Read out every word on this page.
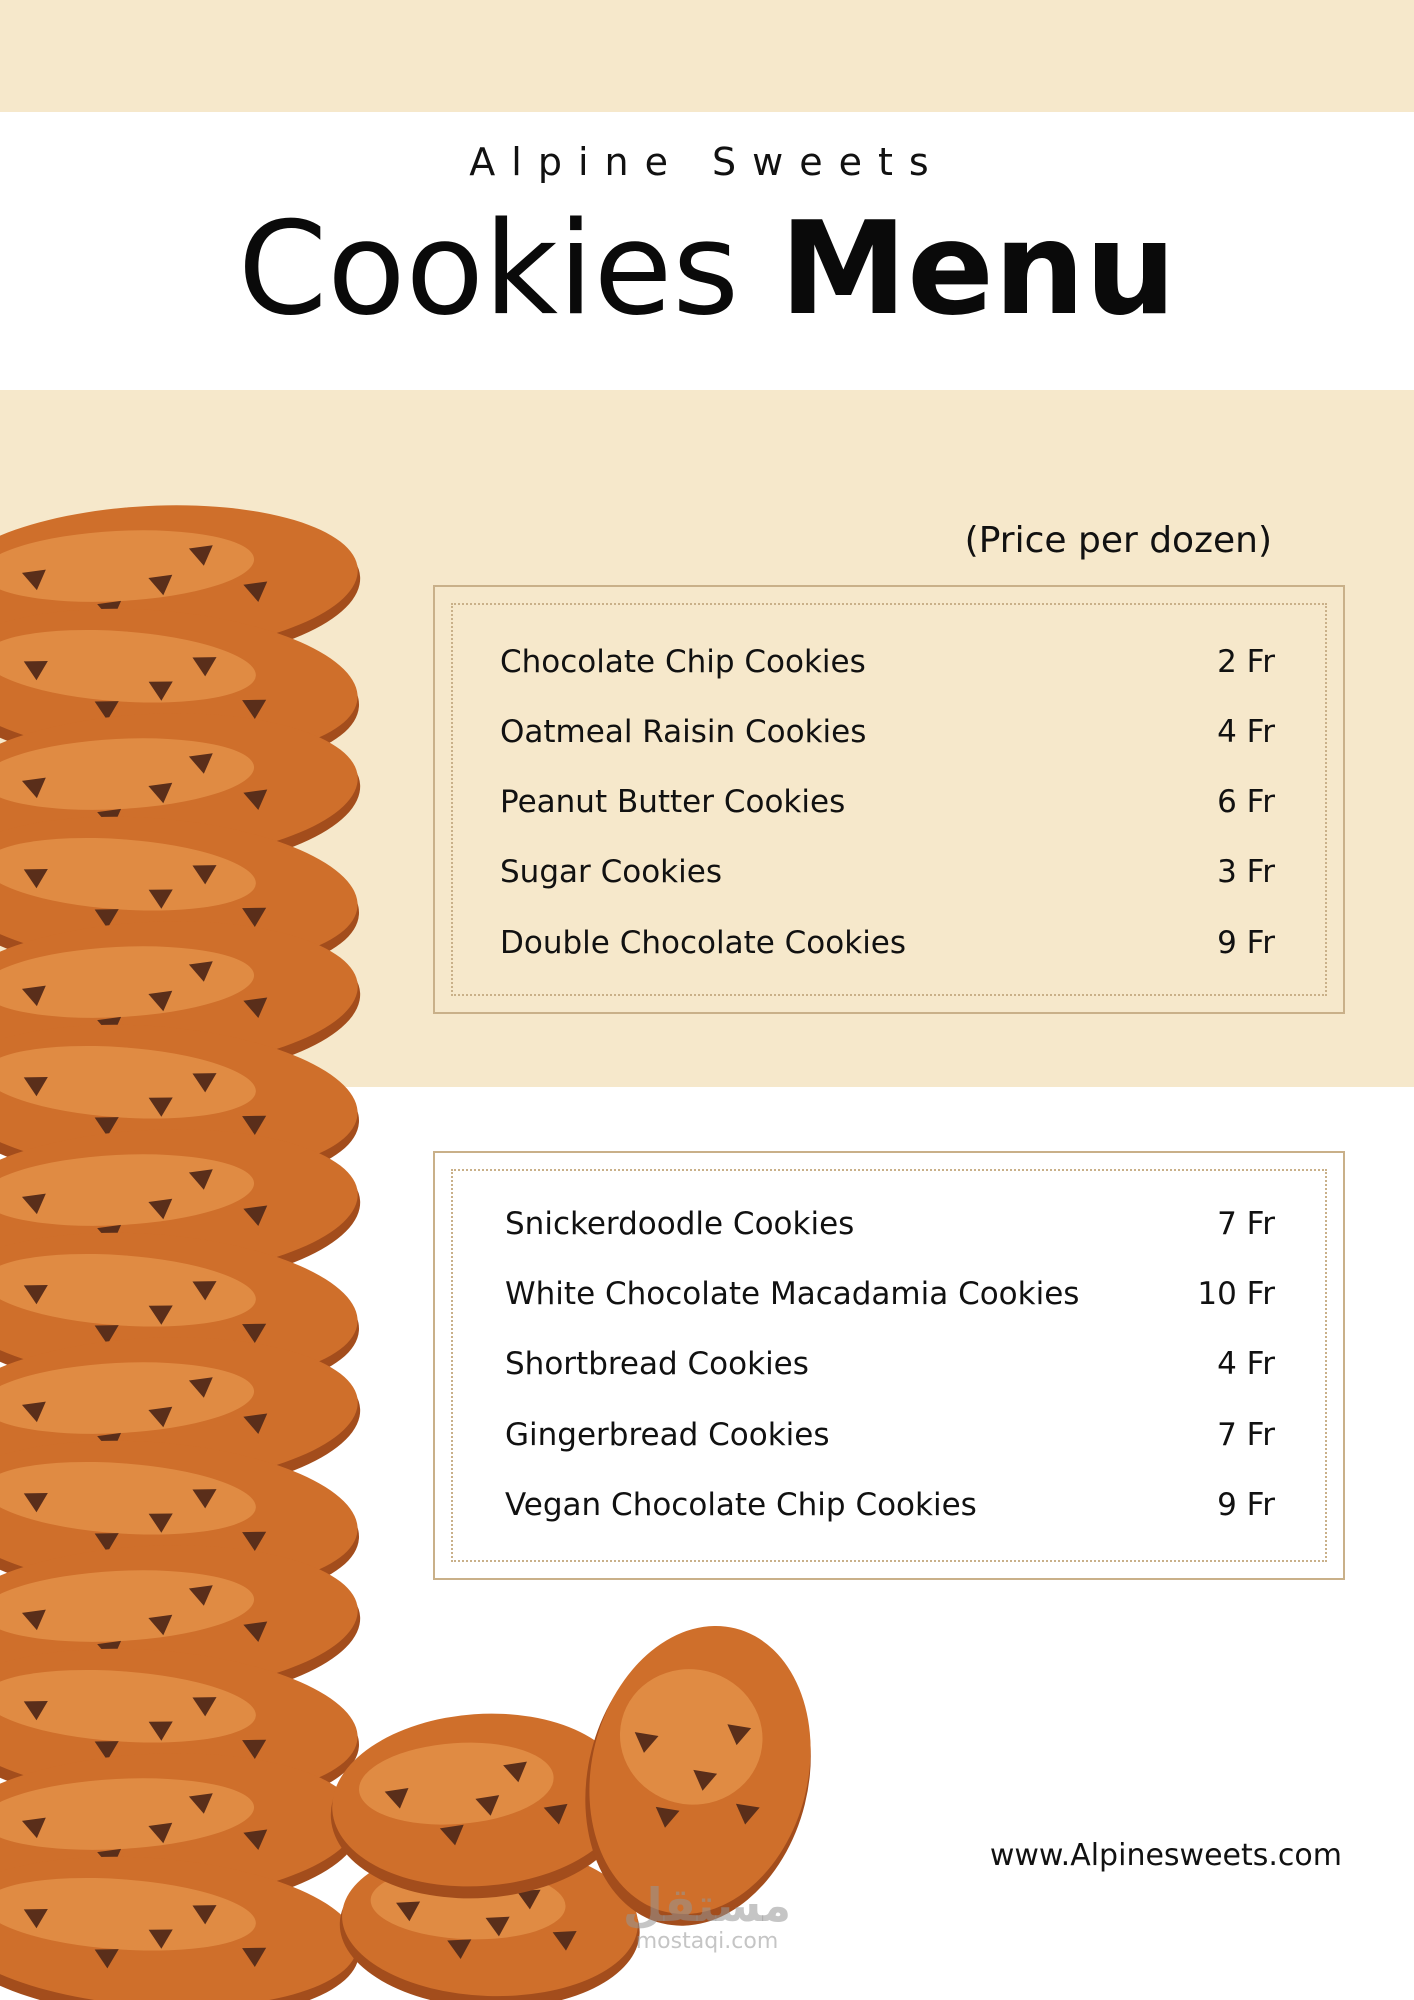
Alpine Sweets
Cookies Menu
(Price per dozen)
Chocolate Chip Cookies	2 Fr
Oatmeal Raisin Cookies	4 Fr
Peanut Butter Cookies	6 Fr
Sugar Cookies	3 Fr
Double Chocolate Cookies	9 Fr
Snickerdoodle Cookies	7 Fr
White Chocolate Macadamia Cookies	10 Fr
Shortbread Cookies	4 Fr
Gingerbread Cookies	7 Fr
Vegan Chocolate Chip Cookies	9 Fr
www.Alpinesweets.com
مستقل
mostaqi.com
